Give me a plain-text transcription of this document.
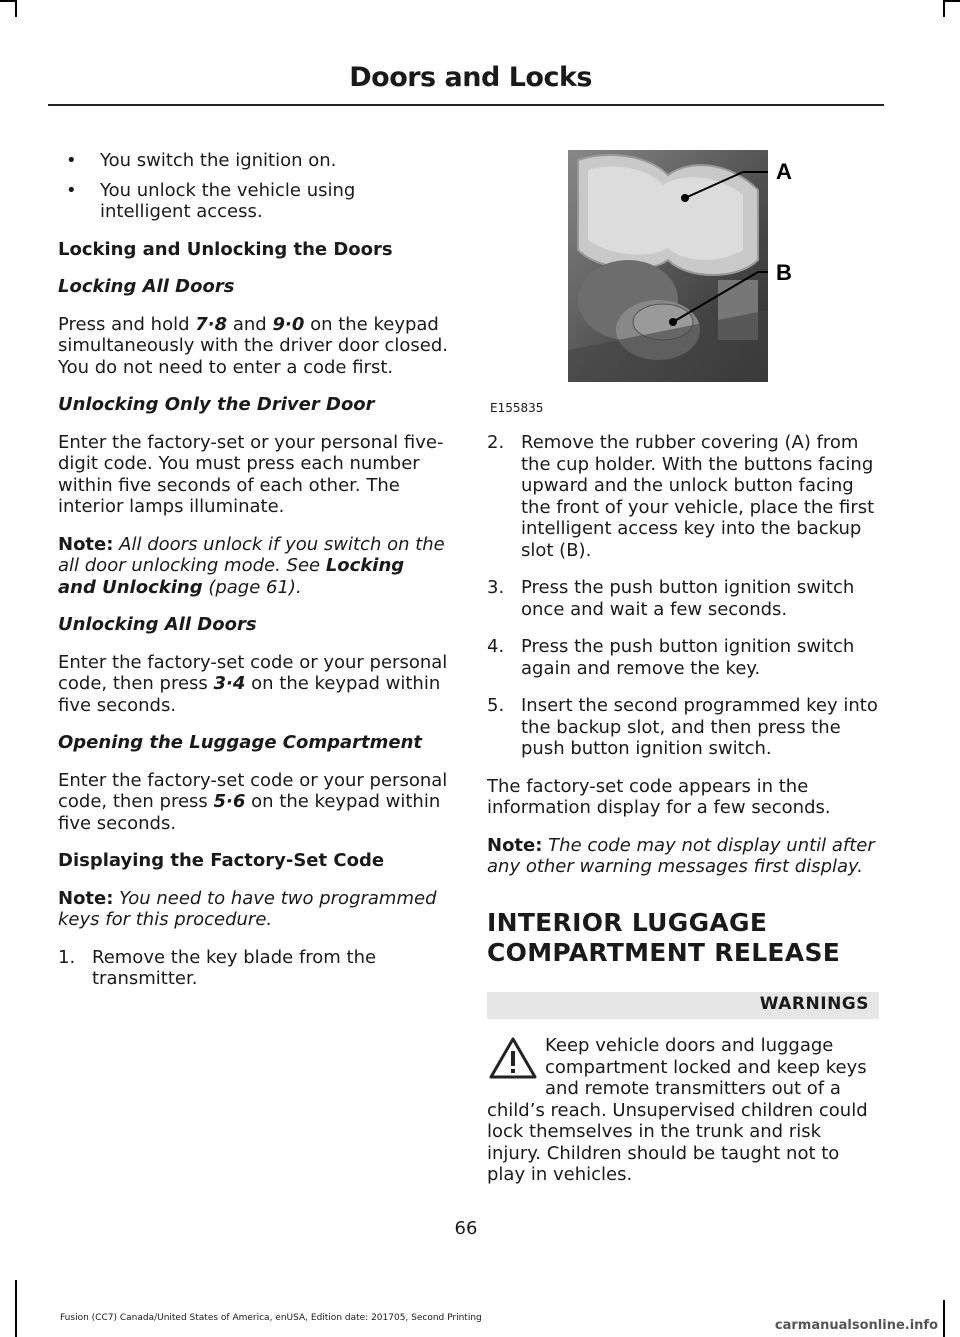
Doors and Locks
• You switch the ignition on.
• You unlock the vehicle using intelligent access.
Locking and Unlocking the Doors
Locking All Doors

Press and hold 7·8 and 9·0 on the keypad simultaneously with the driver door closed. You do not need to enter a code first.

Unlocking Only the Driver Door

Enter the factory-set or your personal five-digit code. You must press each number within five seconds of each other. The interior lamps illuminate.

Note: All doors unlock if you switch on the all door unlocking mode. See Locking and Unlocking (page 61).

Unlocking All Doors

Enter the factory-set code or your personal code, then press 3·4 on the keypad within five seconds.

Opening the Luggage Compartment

Enter the factory-set code or your personal code, then press 5·6 on the keypad within five seconds.

Displaying the Factory-Set Code

Note: You need to have two programmed keys for this procedure.

1. Remove the key blade from the transmitter.
A
B
E155835
2. Remove the rubber covering (A) from the cup holder. With the buttons facing upward and the unlock button facing the front of your vehicle, place the first intelligent access key into the backup slot (B).
3. Press the push button ignition switch once and wait a few seconds.
4. Press the push button ignition switch again and remove the key.
5. Insert the second programmed key into the backup slot, and then press the push button ignition switch.

The factory-set code appears in the information display for a few seconds.

Note: The code may not display until after any other warning messages first display.

INTERIOR LUGGAGE
COMPARTMENT RELEASE
WARNINGS
Keep vehicle doors and luggage compartment locked and keep keys and remote transmitters out of a child’s reach. Unsupervised children could lock themselves in the trunk and risk injury. Children should be taught not to play in vehicles.
66
Fusion (CC7) Canada/United States of America, enUSA, Edition date: 201705, Second Printing	carmanualsonline.info
